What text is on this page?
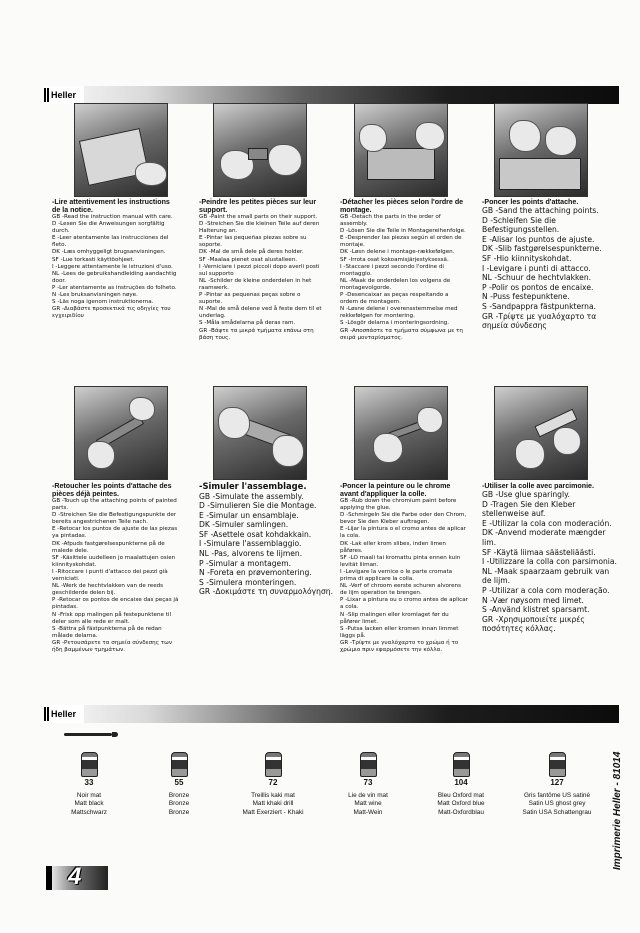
Heller
-Lire attentivement les instructions de la notice.
GB -Read the instruction manual with care.
D -Lesen Sie die Anweisungen sorgfältig durch.
E -Leer atentamente las instrucciones del fleto.
DK -Læs omhyggeligt brugsanvisningen.
SF -Lue torkasti käyttöohjeet.
I -Leggere attentamente le istruzioni d'uso.
NL -Lees de gebruikshandleiding aandachtig door.
P -Ler atentamente as instruções do folheto.
N -Les bruksanvisningen nøye.
S -Läs noga igenom instruktionerna.
GR -Διαβάστε προσεκτικά τις οδηγίες του εγχειριδίου
-Peindre les petites pièces sur leur support.
GB -Paint the small parts on their support.
D -Streichen Sie die kleinen Teile auf deren Halterung an.
E -Pintar las pequeñas piezas sobre su soporte.
DK -Mal de små dele på deres holder.
SF -Maalaa pienet osat alustalleen.
I -Verniciare i pezzi piccoli dopo averli posti sul supporto
NL -Schilder de kleine onderdelen in het raamwerk.
P -Pintar as pequenas peças sobre o suporte.
N -Mal de små delene ved å feste dem til et underlag.
S -Måla smådelarna på deras ram.
GR -Βάψτε τα μικρά τμήματα επάνω στη βάση τους.
-Détacher les pièces selon l'ordre de montage.
GB -Detach the parts in the order of assembly.
D -Lösen Sie die Teile in Montagereihenfolge.
E -Desprender las piezas según el orden de montaje.
DK -Løsn delene i montage-rækkefølgen.
SF -Irrota osat kokoamisjärjestyksessä.
I -Staccare i pezzi secondo l'ordine di montaggio.
NL -Maak de onderdelen los volgens de montagevolgorde.
P -Desencaixar as peças respeitando a ordem de montagem.
N -Løsne delene i overensstemmelse med rekkefølgen for montering.
S -Lösgör delarna i monteringsordning.
GR -Αποσπάστε τα τμήματα σύμφωνα με τη σειρά μονταρίσματος.
-Poncer les points d'attache.
GB -Sand the attaching points.
D -Schleifen Sie die Befestigungsstellen.
E -Alisar los puntos de ajuste.
DK -Slib fastgørelsespunkterne.
SF -Hio kiinnityskohdat.
I -Levigare i punti di attacco.
NL -Schuur de hechtvlakken.
P -Polir os pontos de encaixe.
N -Puss festepunktene.
S -Sandpappra fästpunkterna.
GR -Τρίψτε με γυαλόχαρτο τα σημεία σύνδεσης
-Retoucher les points d'attache des pièces déjà peintes.
GB -Touch up the attaching points of painted parts.
D -Streichen Sie die Befestigungspunkte der bereits angestrichenen Teile nach.
E -Retocar los puntos de ajuste de las piezas ya pintadas.
DK -Afpuds fastgørelsespunkterne på de malede dele.
SF -Käsittele uudelleen jo maalattujen osien kiinnityskohdat.
I -Ritoccare i punti d'attacco dei pezzi già verniciati.
NL -Werk de hechtvlakken van de reeds geschilderde delen bij.
P -Retocar os pontos de encaixe das peças já pintadas.
N -Frisk opp malingen på festepunktene til deler som alle rede er malt.
S -Bättra på fästpunkterna på de redan målade delarna.
GR -Ρετουσάρετε τα σημεία σύνδεσης των ήδη βαμμένων τμημάτων.
-Simuler l'assemblage.
GB -Simulate the assembly.
D -Simulieren Sie die Montage.
E -Simular un ensamblaje.
DK -Simuler samlingen.
SF -Asettele osat kohdakkain.
I -Simulare l'assemblaggio.
NL -Pas, alvorens te lijmen.
P -Simular a montagem.
N -Foreta en prøvemontering.
S -Simulera monteringen.
GR -Δοκιμάστε τη συναρμολόγηση.
-Poncer la peinture ou le chrome avant d'appliquer la colle.
GB -Rub down the chromium paint before applying the glue.
D -Schmirgeln Sie die Farbe oder den Chrom, bevor Sie den Kleber auftragen.
E -Lijar la pintura o el cromo antes de aplicar la cola.
DK -Lak eller krom slibes, inden limen påføres.
SF -LO maali tai kromattu pinta ennen kuin levität liiman.
I -Levigare la vernice o le parte cromata prima di applicare la colla.
NL -Verf of chroom eerste schuren alvorens de lijm operation te brengen.
P -Lixar a pintura ou o cromo antes de aplicar a cola.
N -Slip malingen eller kromlaget før du påfører limet.
S -Putsa lacken eller kromen innan limmet läggs på.
GR -Τρίψτε με γυαλόχαρτο το χρώμα ή το χρώμιο πριν εφαρμόσετε την κόλλα.
-Utiliser la colle avec parcimonie.
GB -Use glue sparingly.
D -Tragen Sie den Kleber stellenweise auf.
E -Utilizar la cola con moderación.
DK -Anvend moderate mængder lim.
SF -Käytä liimaa säästeliäästi.
I -Utilizzare la colla con parsimonia.
NL -Maak spaarzaam gebruik van de lijm.
P -Utilizar a cola com moderação.
N -Vær nøysom med limet.
S -Använd klistret sparsamt.
GR -Χρησιμοποιείτε μικρές ποσότητες κόλλας.
Heller
33
Noir mat
Matt black
Mattschwarz
55
Bronze
Bronze
Bronze
72
Treillis kaki mat
Matt khaki drill
Matt Exerziert - Khaki
73
Lie de vin mat
Matt wine
Matt-Wein
104
Bleu Oxford mat
Matt Oxford blue
Matt-Oxfordblau
127
Gris fantôme US satiné
Satin US ghost grey
Satin USA Schattengrau	Imprimerie Heller - 81014
4
